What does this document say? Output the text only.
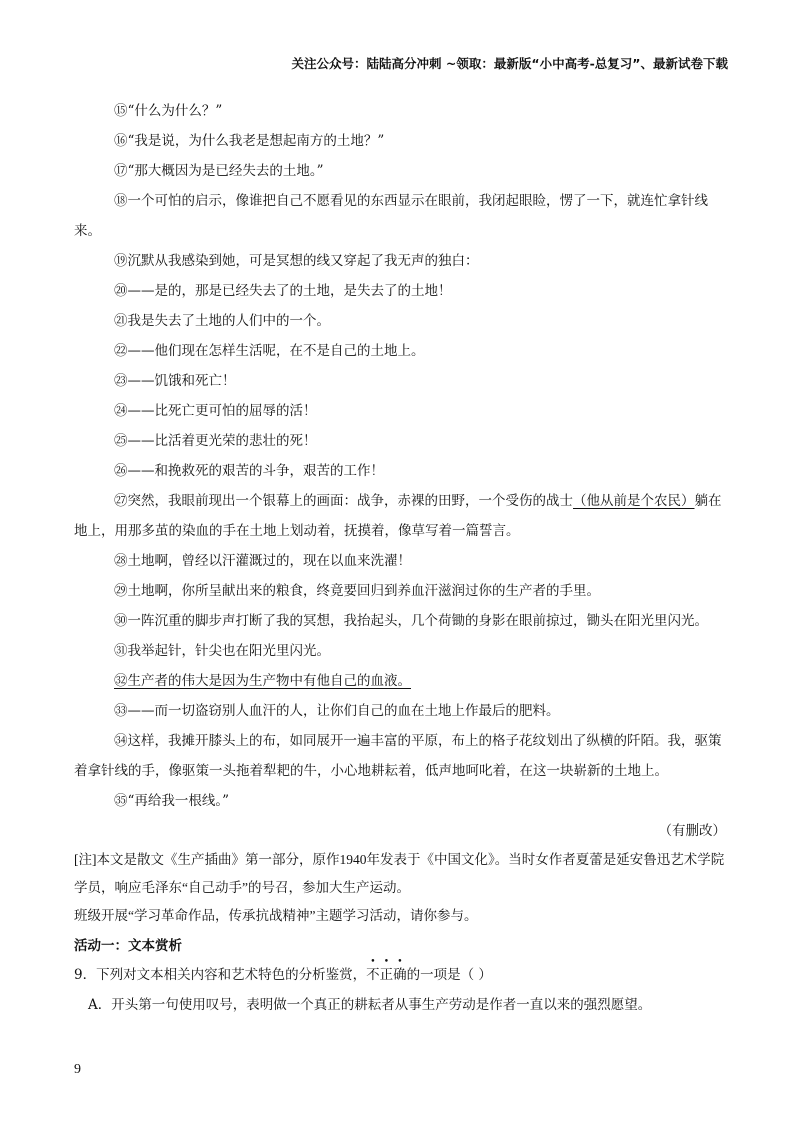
关注公众号：陆陆高分冲刺 ~领取：最新版“小中高考-总复习”、最新试卷下载

⑮“什么为什么？”

⑯“我是说，为什么我老是想起南方的土地？”

⑰“那大概因为是已经失去的土地。”

⑱一个可怕的启示，像谁把自己不愿看见的东西显示在眼前，我闭起眼睑，愣了一下，就连忙拿针线来。

⑲沉默从我感染到她，可是冥想的线又穿起了我无声的独白：

⑳——是的，那是已经失去了的土地，是失去了的土地！

㉑我是失去了土地的人们中的一个。

㉒——他们现在怎样生活呢，在不是自己的土地上。

㉓——饥饿和死亡！

㉔——比死亡更可怕的屈辱的活！

㉕——比活着更光荣的悲壮的死！

㉖——和挽救死的艰苦的斗争，艰苦的工作！

㉗突然，我眼前现出一个银幕上的画面：战争，赤裸的田野，一个受伤的战士（他从前是个农民）躺在地上，用那多茧的染血的手在土地上划动着，抚摸着，像草写着一篇誓言。

㉘土地啊，曾经以汗灌溉过的，现在以血来洗濯！

㉙土地啊，你所呈献出来的粮食，终竟要回归到养血汗滋润过你的生产者的手里。

㉚一阵沉重的脚步声打断了我的冥想，我抬起头，几个荷锄的身影在眼前掠过，锄头在阳光里闪光。

㉛我举起针，针尖也在阳光里闪光。

㉜生产者的伟大是因为生产物中有他自己的血液。

㉝——而一切盗窃别人血汗的人，让你们自己的血在土地上作最后的肥料。

㉞这样，我摊开膝头上的布，如同展开一遍丰富的平原，布上的格子花纹划出了纵横的阡陌。我，驱策着拿针线的手，像驱策一头拖着犁耙的牛，小心地耕耘着，低声地呵叱着，在这一块崭新的土地上。

㉟“再给我一根线。”

（有删改）

[注]本文是散文《生产插曲》第一部分，原作1940年发表于《中国文化》。当时女作者夏蕾是延安鲁迅艺术学院学员，响应毛泽东“自己动手”的号召，参加大生产运动。

班级开展“学习革命作品，传承抗战精神”主题学习活动，请你参与。

活动一：文本赏析

9．下列对文本相关内容和艺术特色的分析鉴赏，不正确的一项是（ ）

A．开头第一句使用叹号，表明做一个真正的耕耘者从事生产劳动是作者一直以来的强烈愿望。

9
